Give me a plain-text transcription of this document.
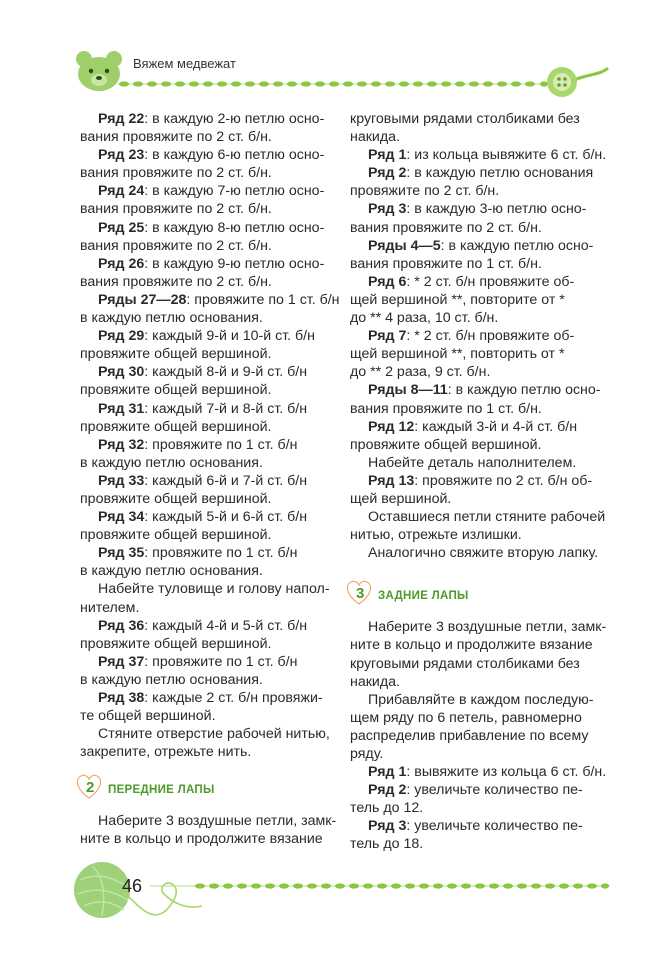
Вяжем медвежат

Ряд 22: в каждую 2-ю петлю осно-

вания провяжите по 2 ст. б/н.

Ряд 23: в каждую 6-ю петлю осно-

вания провяжите по 2 ст. б/н.

Ряд 24: в каждую 7-ю петлю осно-

вания провяжите по 2 ст. б/н.

Ряд 25: в каждую 8-ю петлю осно-

вания провяжите по 2 ст. б/н.

Ряд 26: в каждую 9-ю петлю осно-

вания провяжите по 2 ст. б/н.

Ряды 27—28: провяжите по 1 ст. б/н

в каждую петлю основания.

Ряд 29: каждый 9-й и 10-й ст. б/н

провяжите общей вершиной.

Ряд 30: каждый 8-й и 9-й ст. б/н

провяжите общей вершиной.

Ряд 31: каждый 7-й и 8-й ст. б/н

провяжите общей вершиной.

Ряд 32: провяжите по 1 ст. б/н

в каждую петлю основания.

Ряд 33: каждый 6-й и 7-й ст. б/н

провяжите общей вершиной.

Ряд 34: каждый 5-й и 6-й ст. б/н

провяжите общей вершиной.

Ряд 35: провяжите по 1 ст. б/н

в каждую петлю основания.

Набейте туловище и голову напол-

нителем.

Ряд 36: каждый 4-й и 5-й ст. б/н

провяжите общей вершиной.

Ряд 37: провяжите по 1 ст. б/н

в каждую петлю основания.

Ряд 38: каждые 2 ст. б/н провяжи-

те общей вершиной.

Стяните отверстие рабочей нитью,

закрепите, отрежьте нить.

2 ПЕРЕДНИЕ ЛАПЫ

Наберите 3 воздушные петли, замк-

ните в кольцо и продолжите вязание

круговыми рядами столбиками без

накида.

Ряд 1: из кольца вывяжите 6 ст. б/н.

Ряд 2: в каждую петлю основания

провяжите по 2 ст. б/н.

Ряд 3: в каждую 3-ю петлю осно-

вания провяжите по 2 ст. б/н.

Ряды 4—5: в каждую петлю осно-

вания провяжите по 1 ст. б/н.

Ряд 6: * 2 ст. б/н провяжите об-

щей вершиной **, повторите от *

до ** 4 раза, 10 ст. б/н.

Ряд 7: * 2 ст. б/н провяжите об-

щей вершиной **, повторить от *

до ** 2 раза, 9 ст. б/н.

Ряды 8—11: в каждую петлю осно-

вания провяжите по 1 ст. б/н.

Ряд 12: каждый 3-й и 4-й ст. б/н

провяжите общей вершиной.

Набейте деталь наполнителем.

Ряд 13: провяжите по 2 ст. б/н об-

щей вершиной.

Оставшиеся петли стяните рабочей

нитью, отрежьте излишки.

Аналогично свяжите вторую лапку.

3 ЗАДНИЕ ЛАПЫ

Наберите 3 воздушные петли, замк-

ните в кольцо и продолжите вязание

круговыми рядами столбиками без

накида.

Прибавляйте в каждом последую-

щем ряду по 6 петель, равномерно

распределив прибавление по всему

ряду.

Ряд 1: вывяжите из кольца 6 ст. б/н.

Ряд 2: увеличьте количество пе-

тель до 12.

Ряд 3: увеличьте количество пе-

тель до 18.

46
